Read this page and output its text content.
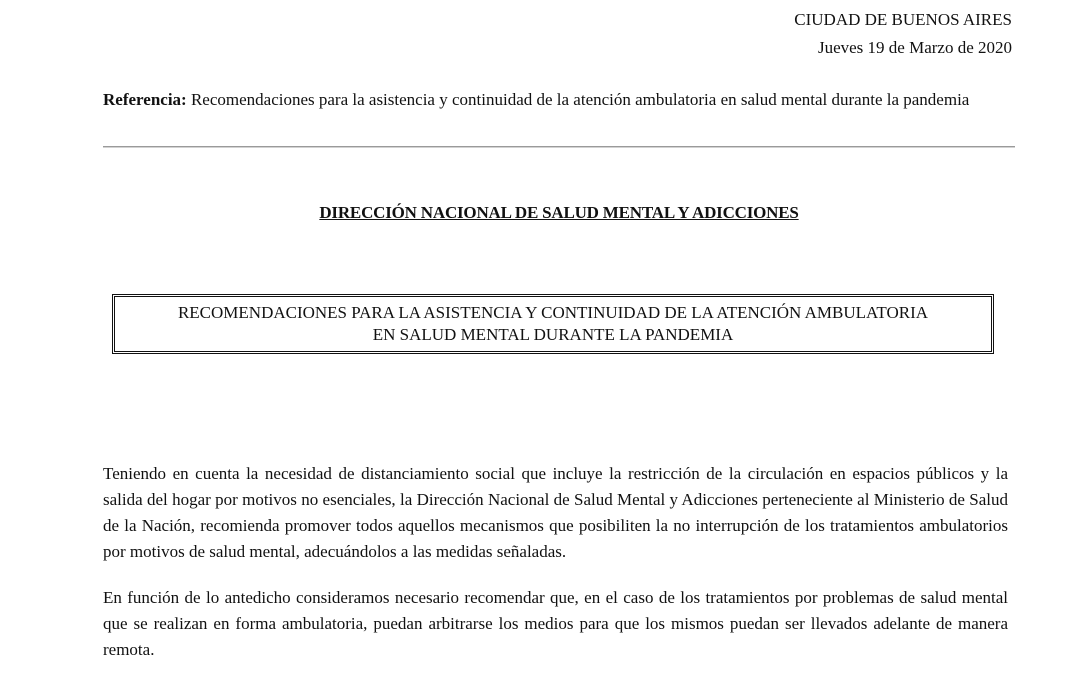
CIUDAD DE BUENOS AIRES
Jueves 19 de Marzo de 2020
Referencia: Recomendaciones para la asistencia y continuidad de la atención ambulatoria en salud mental durante la pandemia
DIRECCIÓN NACIONAL DE SALUD MENTAL Y ADICCIONES
RECOMENDACIONES PARA LA ASISTENCIA Y CONTINUIDAD DE LA ATENCIÓN AMBULATORIA
EN SALUD MENTAL DURANTE LA PANDEMIA

Teniendo en cuenta la necesidad de distanciamiento social que incluye la restricción de la circulación en espacios públicos y la salida del hogar por motivos no esenciales, la Dirección Nacional de Salud Mental y Adicciones perteneciente al Ministerio de Salud de la Nación, recomienda promover todos aquellos mecanismos que posibiliten la no interrupción de los tratamientos ambulatorios por motivos de salud mental, adecuándolos a las medidas señaladas.

En función de lo antedicho consideramos necesario recomendar que, en el caso de los tratamientos por problemas de salud mental que se realizan en forma ambulatoria, puedan arbitrarse los medios para que los mismos puedan ser llevados adelante de manera remota.
